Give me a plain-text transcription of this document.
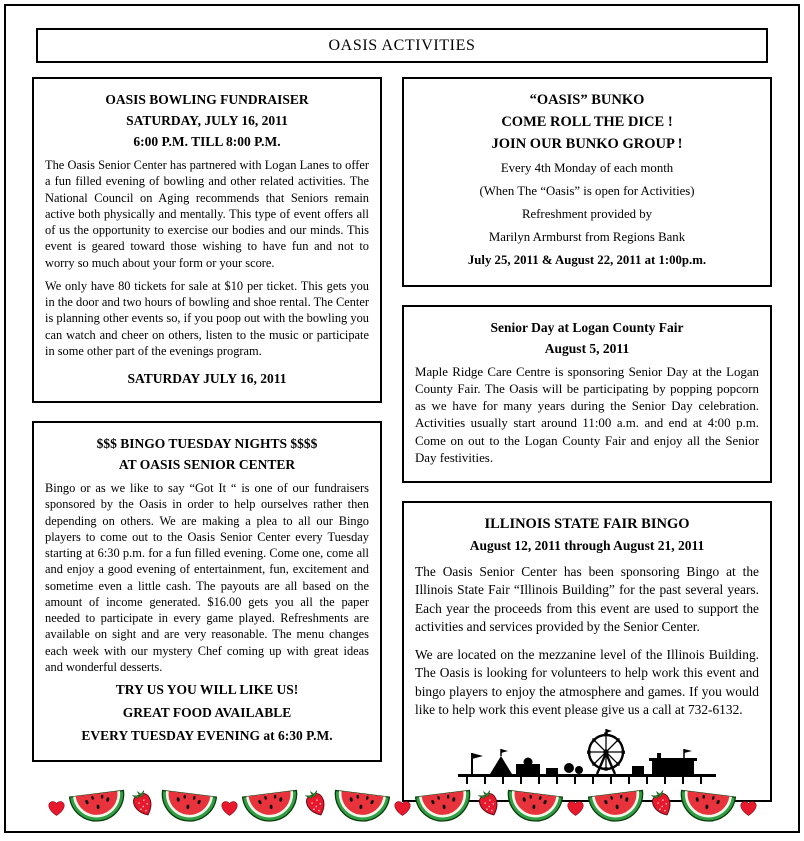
OASIS ACTIVITIES
OASIS BOWLING FUNDRAISER
SATURDAY, JULY 16, 2011
6:00 P.M. TILL 8:00 P.M.

The Oasis Senior Center has partnered with Logan Lanes to offer a fun filled evening of bowling and other related activities. The National Council on Aging recommends that Seniors remain active both physically and mentally. This type of event offers all of us the opportunity to exercise our bodies and our minds. This event is geared toward those wishing to have fun and not to worry so much about your form or your score.

We only have 80 tickets for sale at $10 per ticket. This gets you in the door and two hours of bowling and shoe rental. The Center is planning other events so, if you poop out with the bowling you can watch and cheer on others, listen to the music or participate in some other part of the evenings program.

SATURDAY JULY 16, 2011
$$$ BINGO TUESDAY NIGHTS $$$$
AT OASIS SENIOR CENTER

Bingo or as we like to say “Got It “ is one of our fundraisers sponsored by the Oasis in order to help ourselves rather then depending on others. We are making a plea to all our Bingo players to come out to the Oasis Senior Center every Tuesday starting at 6:30 p.m. for a fun filled evening. Come one, come all and enjoy a good evening of entertainment, fun, excitement and sometime even a little cash. The payouts are all based on the amount of income generated. $16.00 gets you all the paper needed to participate in every game played. Refreshments are available on sight and are very reasonable. The menu changes each week with our mystery Chef coming up with great ideas and wonderful desserts.

TRY US YOU WILL LIKE US!
GREAT FOOD AVAILABLE
EVERY TUESDAY EVENING at 6:30 P.M.
“OASIS” BUNKO
COME ROLL THE DICE !
JOIN OUR BUNKO GROUP !
Every 4th Monday of each month
(When The “Oasis” is open for Activities)
Refreshment provided by
Marilyn Armburst from Regions Bank
July 25, 2011 & August 22, 2011 at 1:00p.m.
Senior Day at Logan County Fair
August 5, 2011

Maple Ridge Care Centre is sponsoring Senior Day at the Logan County Fair. The Oasis will be participating by popping popcorn as we have for many years during the Senior Day celebration. Activities usually start around 11:00 a.m. and end at 4:00 p.m. Come on out to the Logan County Fair and enjoy all the Senior Day festivities.

ILLINOIS STATE FAIR BINGO
August 12, 2011 through August 21, 2011

The Oasis Senior Center has been sponsoring Bingo at the Illinois State Fair “Illinois Building” for the past several years. Each year the proceeds from this event are used to support the activities and services provided by the Senior Center.

We are located on the mezzanine level of the Illinois Building. The Oasis is looking for volunteers to help work this event and bingo players to enjoy the atmosphere and games. If you would like to help work this event please give us a call at 732-6132.
